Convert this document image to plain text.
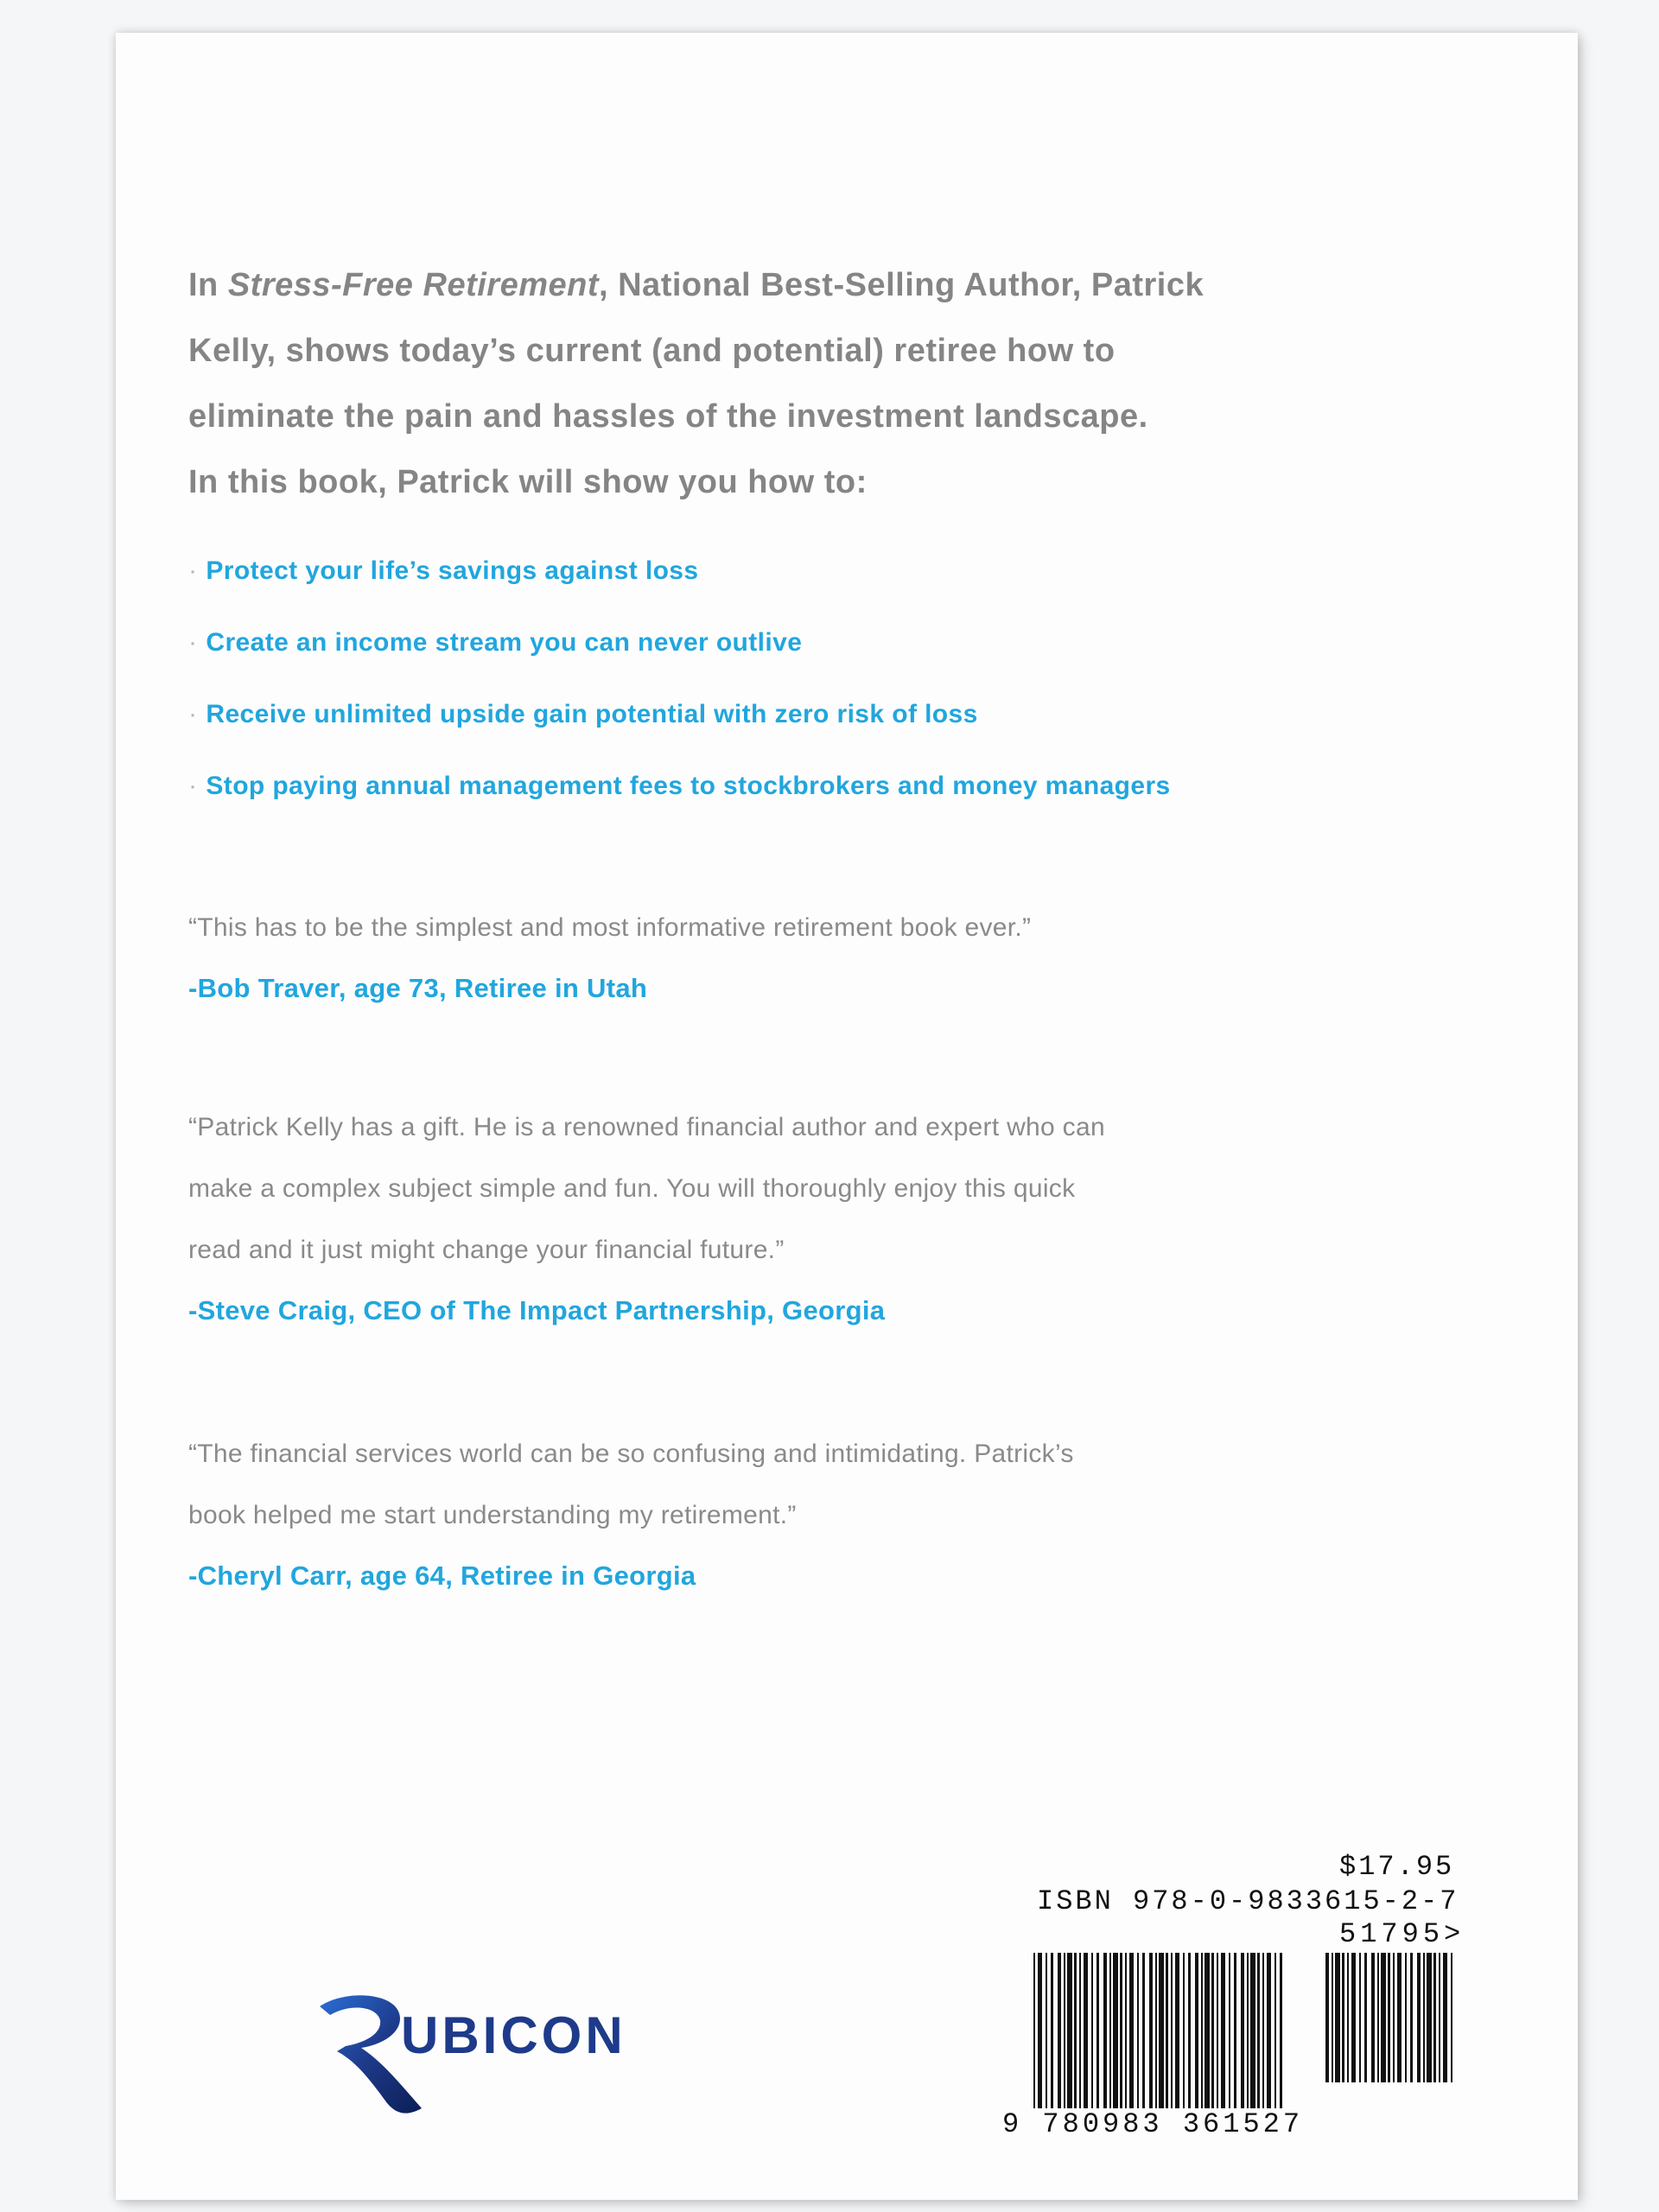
In Stress-Free Retirement, National Best-Selling Author, Patrick
Kelly, shows today’s current (and potential) retiree how to
eliminate the pain and hassles of the investment landscape.
In this book, Patrick will show you how to:

· Protect your life’s savings against loss
· Create an income stream you can never outlive
· Receive unlimited upside gain potential with zero risk of loss
· Stop paying annual management fees to stockbrokers and money managers

“This has to be the simplest and most informative retirement book ever.”

-Bob Traver, age 73, Retiree in Utah

“Patrick Kelly has a gift. He is a renowned financial author and expert who can

make a complex subject simple and fun. You will thoroughly enjoy this quick

read and it just might change your financial future.”

-Steve Craig, CEO of The Impact Partnership, Georgia

“The financial services world can be so confusing and intimidating. Patrick’s

book helped me start understanding my retirement.”

-Cheryl Carr, age 64, Retiree in Georgia

UBICON
$17.95
ISBN 978-0-9833615-2-7
51795>
9 780983 361527
